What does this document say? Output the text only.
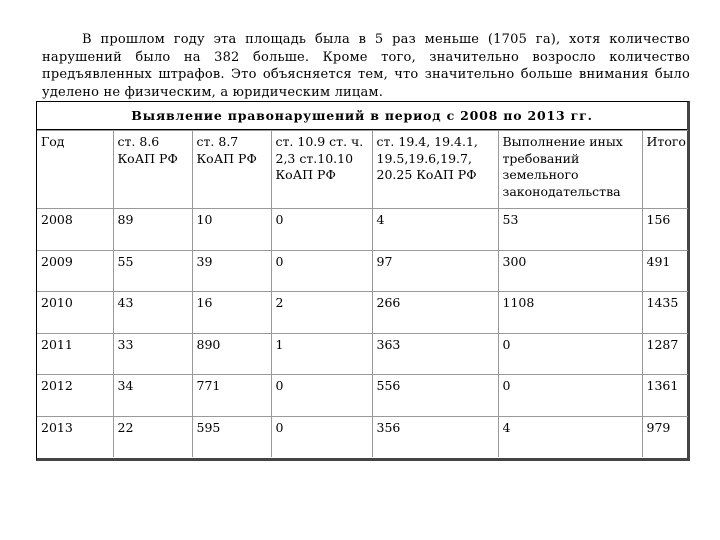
В прошлом году эта площадь была в 5 раз меньше (1705 га), хотя количество нарушений было на 382 больше. Кроме того, значительно возросло количество предъявленных штрафов. Это объясняется тем, что значительно больше внимания было уделено не физическим, а юридическим лицам.

Выявление правонарушений в период с 2008 по 2013 гг.
Год	ст. 8.6 КоАП РФ	ст. 8.7 КоАП РФ	ст. 10.9 ст. ч. 2,3 ст.10.10 КоАП РФ	ст. 19.4, 19.4.1, 19.5,19.6,19.7, 20.25 КоАП РФ	Выполнение иных требований земельного законодательства	Итого
2008	89	10	0	4	53	156
2009	55	39	0	97	300	491
2010	43	16	2	266	1108	1435
2011	33	890	1	363	0	1287
2012	34	771	0	556	0	1361
2013	22	595	0	356	4	979
